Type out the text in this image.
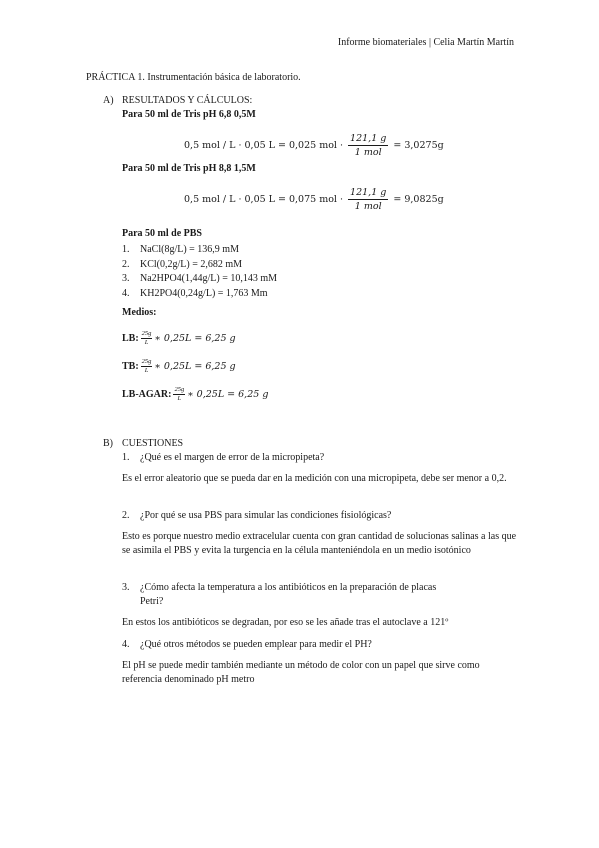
Informe biomateriales | Celia Martín Martín
PRÁCTICA 1. Instrumentación básica de laboratorio.
A) RESULTADOS Y CÁLCULOS:
Para 50 ml de Tris pH 6,8 0,5M
0,5 mol / L · 0,05 L = 0,025 mol · $\frac{121,1 g}{\text{1 mol}} = 3,0275g$
Para 50 ml de Tris pH 8,8 1,5M
0,5 mol / L · 0,05 L = 0,075 mol · $\frac{121,1 g}{\text{1 mol}} = 9,0825g$
Para 50 ml de PBS
1. NaCl(8g/L) = 136,9 mM
2. KCl(0,2g/L) = 2,682 mM
3. Na2HPO4(1,44g/L) = 10,143 mM
4. KH2PO4(0,24g/L) = 1,763 Mm
Medios:
LB: $\frac{25g}{L}$ ∗ 0,25L = 6,25 g
TB: $\frac{25g}{L}$ ∗ 0,25L = 6,25 g
LB-AGAR: $\frac{25g}{L}$ ∗ 0,25L = 6,25 g
B) CUESTIONES
1. ¿Qué es el margen de error de la micropipeta?
Es el error aleatorio que se pueda dar en la medición con una micropipeta, debe ser menor a 0,2.
2. ¿Por qué se usa PBS para simular las condiciones fisiológicas?
Esto es porque nuestro medio extracelular cuenta con gran cantidad de solucionas salinas a las que se asimila el PBS y evita la turgencia en la célula manteniéndola en un medio isotónico
3. ¿Cómo afecta la temperatura a los antibióticos en la preparación de placas
Petri?
En estos los antibióticos se degradan, por eso se les añade tras el autoclave a 121º
4. ¿Qué otros métodos se pueden emplear para medir el PH?
El pH se puede medir también mediante un método de color con un papel que sirve como referencia denominado pH metro
